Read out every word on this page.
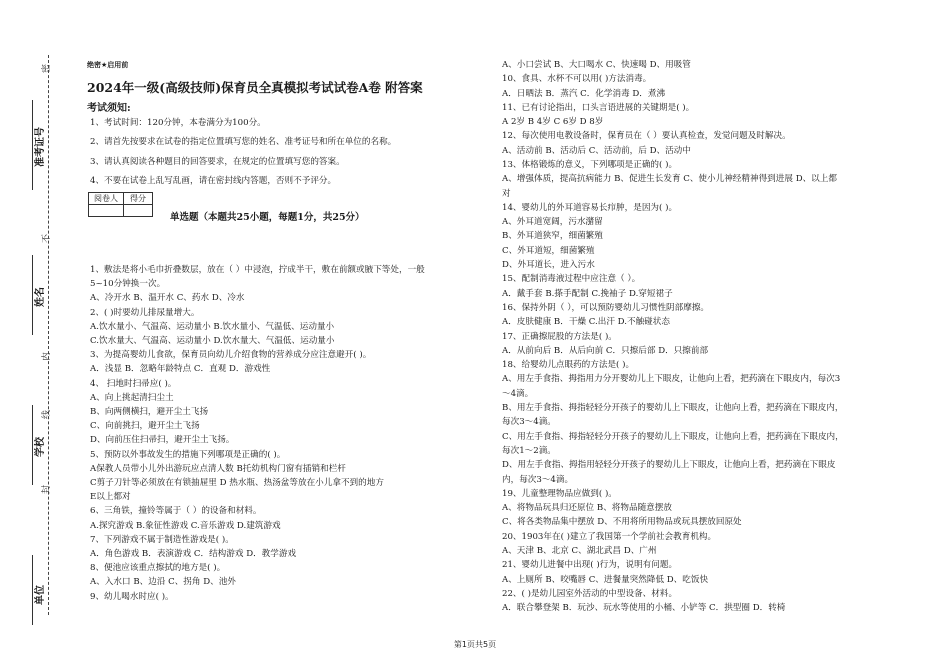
准考证号
姓名
学校
单位
密
不
内
线
封
绝密★启用前
2024年一级(高级技师)保育员全真模拟考试试卷A卷 附答案
考试须知:
1、考试时间：120分钟，本卷满分为100分。
2、请首先按要求在试卷的指定位置填写您的姓名、准考证号和所在单位的名称。
3、请认真阅读各种题目的回答要求，在规定的位置填写您的答案。
4、不要在试卷上乱写乱画，请在密封线内答题，否则不予评分。
阅卷人	得分

单选题（本题共25小题，每题1分，共25分）
1、敷法是将小毛巾折叠数层，放在（ ）中浸泡，拧成半干，敷在前额或腋下等处，一般
5~10分钟换一次。
A、冷开水 B、温开水 C、药水 D、冷水
2、( )时要幼儿排尿量增大。
A.饮水量小、气温高、运动量小 B.饮水量小、气温低、运动量小
C.饮水量大、气温高、运动量小 D.饮水量大、气温低、运动量小
3、为提高婴幼儿食欲，保育员向幼儿介绍食物的营养成分应注意避开( )。
A．浅显 B．忽略年龄特点 C．直观 D．游戏性
4、 扫地时扫帚应( )。
A、向上挑起清扫尘土
B、向两侧横扫，避开尘土飞扬
C、向前挑扫，避开尘土飞扬
D、向前压住扫帚扫，避开尘土飞扬。
5、预防以外事故发生的措施下列哪项是正确的( )。
A保教人员带小儿外出游玩应点清人数 B托幼机构门窗有插销和栏杆
C剪子刀针等必须放在有锁抽屉里 D 热水瓶、热汤盆等放在小儿拿不到的地方
E以上都对
6、三角铁，撞铃等属于（ ）的设备和材料。
A.探究游戏 B.象征性游戏 C.音乐游戏 D.建筑游戏
7、下列游戏不属于制造性游戏是( )。
A．角色游戏 B．表演游戏 C．结构游戏 D．教学游戏
8、便池应该重点擦拭的地方是( )。
A、入水口 B、边沿 C、拐角 D、池外
9、幼儿喝水时应( )。
A、小口尝试 B、大口喝水 C、快速喝 D、用吸管
10、食具、水杯不可以用( )方法消毒。
A．日晒法 B．蒸汽 C．化学消毒 D．煮沸
11、已有讨论指出，口头言语进展的关键期是( )。
A 2岁 B 4岁 C 6岁 D 8岁
12、每次使用电教设备时，保育员在（ ）要认真检查，发觉问题及时解决。
A、活动前 B、活动后 C、活动前，后 D、活动中
13、体格锻炼的意义，下列哪项是正确的( )。
A、增强体质，提高抗病能力 B、促进生长发育 C、使小儿神经精神得到进展 D、以上都
对
14、婴幼儿的外耳道容易长疖肿，是因为( )。
A、外耳道宽阔，污水潴留
B、外耳道狭窄，细菌繁殖
C、外耳道短，细菌繁殖
D、外耳道长，进入污水
15、配制消毒液过程中应注意（ ）。
A．戴手套 B.搽手配制 C.挽袖子 D.穿短裙子
16、保持外阴（ ），可以预防婴幼儿习惯性阴部摩擦。
A．皮肤健康 B．干燥 C.出汗 D.不触碰状态
17、正确擦屁股的方法是( )。
A．从前向后 B．从后向前 C．只擦后部 D．只擦前部
18、给婴幼儿点眼药的方法是( )。
A、用左手食指、拇指用力分开婴幼儿上下眼皮，让他向上看，把药滴在下眼皮内，每次3
～4滴。
B、用左手食指、拇指轻轻分开孩子的婴幼儿上下眼皮，让他向上看，把药滴在下眼皮内，
每次3～4滴。
C、用左手食指、拇指轻轻分开孩子的婴幼儿上下眼皮，让他向上看，把药滴在下眼皮内，
每次1～2滴。
D、用左手食指、拇指用轻轻分开孩子的婴幼儿上下眼皮，让他向上看，把药滴在下眼皮
内，每次3～4滴。
19、儿童整理物品应做到( )。
A、将物品玩具归还原位 B、将物品随意摆放
C、将各类物品集中摆放 D、不用将所用物品或玩具摆放回原处
20、1903年在( )建立了我国第一个学前社会教育机构。
A、天津 B、北京 C、湖北武昌 D、广州
21、婴幼儿进餐中出现( )行为，说明有问题。
A、上厕所 B、咬嘴唇 C、进餐量突然降低 D、吃饭快
22、( )是幼儿园室外活动的中型设备、材料。
A．联合攀登架 B．玩沙、玩水等使用的小桶、小铲等 C．拱型圈 D．转椅
第1页共5页
